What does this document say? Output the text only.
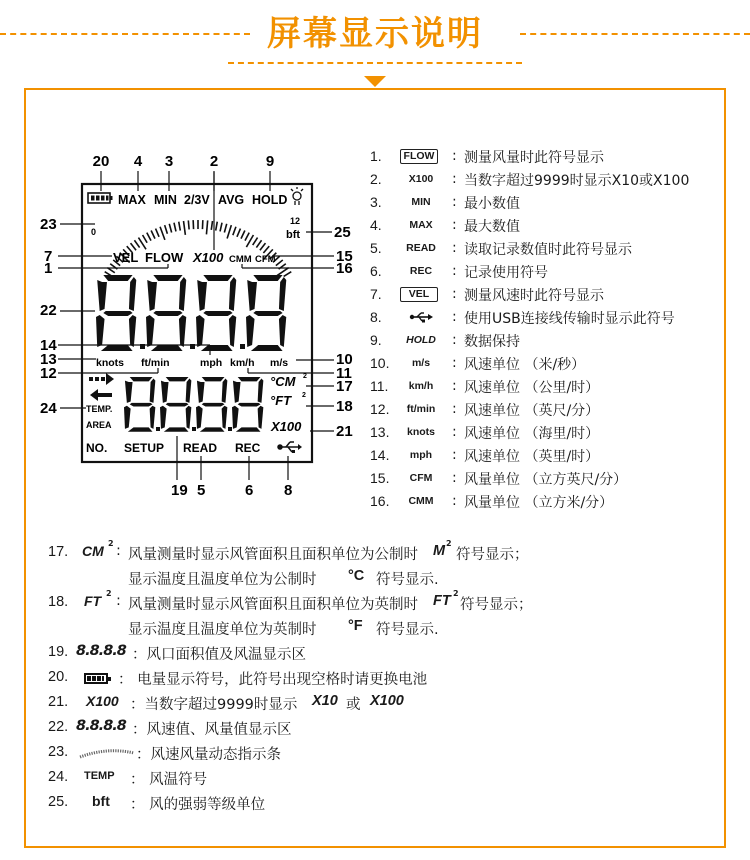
屏幕显示说明
20 4 3 2	9
MAX MIN 2/3V AVG HOLD
0
12
bft
23	25
VEL FLOW X100 CMM CFM
7
1
15
16
22
knots ft/min	mph km/h m/s
14
13
12
10
11
TEMP.
AREA
24
°CM 2
°FT 2
X100
17
18
21
NO. SETUP READ REC
19 5	6 8
1.	FLOW : 测量风量时此符号显示
2.	X100	: 当数字超过9999时显示X10或X100
3.	MIN	: 最小数值
4.	MAX	: 最大数值
5.	READ	: 读取记录数值时此符号显示
6.	REC	: 记录使用符号
7.	VEL	: 测量风速时此符号显示
8.	: 使用USB连接线传输时显示此符号
9.	HOLD	: 数据保持
10.	m/s	: 风速单位 （米/秒）
11.	km/h	: 风速单位 （公里/时）
12.	ft/min	: 风速单位 （英尺/分）
13.	knots	: 风速单位 （海里/时）
14.	mph	: 风速单位 （英里/时）
15.	CFM	: 风量单位 （立方英尺/分）
16.	CMM	: 风量单位 （立方米/分）
17. CM 2 : 风量测量时显示风管面积且面积单位为公制时 M 2
符号显示；
显示温度且温度单位为公制时 °C 符号显示.
18. FT 2 : 风量测量时显示风管面积且面积单位为英制时 FT 2
符号显示；
显示温度且温度单位为英制时 °F 符号显示.
19. 8.8.8.8 ：风口面积值及风温显示区
20.	： 电量显示符号，此符号出现空格时请更换电池
21. X100 ：当数字超过9999时显示 X10 或 X100
22. 8.8.8.8 ：风速值、风量值显示区
23.	：风速风量动态指示条
24. TEMP ： 风温符号
25. bft ： 风的强弱等级单位
